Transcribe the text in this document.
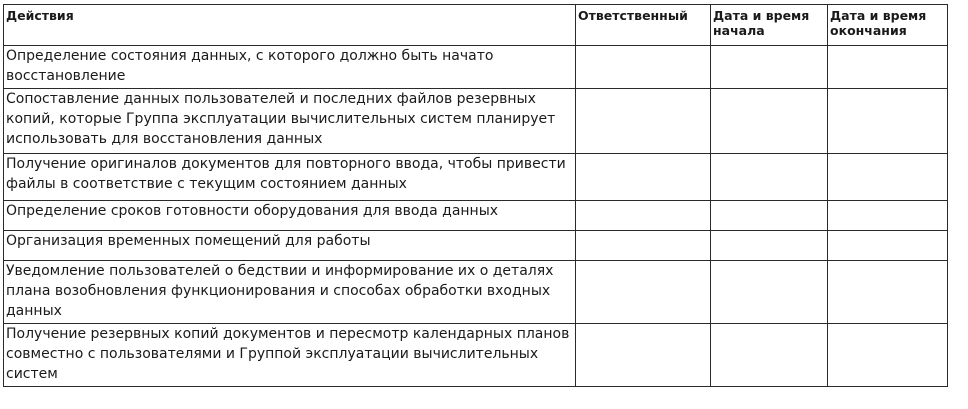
Действия	Ответственный	Дата и время начала	Дата и время окончания

Определение состояния данных, с которого должно быть начато восстановление			

Сопоставление данных пользователей и последних файлов резервных копий, которые Группа эксплуатации вычислительных систем планирует использовать для восстановления данных			

Получение оригиналов документов для повторного ввода, чтобы привести файлы в соответствие с текущим состоянием данных			

Определение сроков готовности оборудования для ввода данных			

Организация временных помещений для работы			

Уведомление пользователей о бедствии и информирование их о деталях плана возобновления функционирования и способах обработки входных данных			

Получение резервных копий документов и пересмотр календарных планов совместно с пользователями и Группой эксплуатации вычислительных систем			
